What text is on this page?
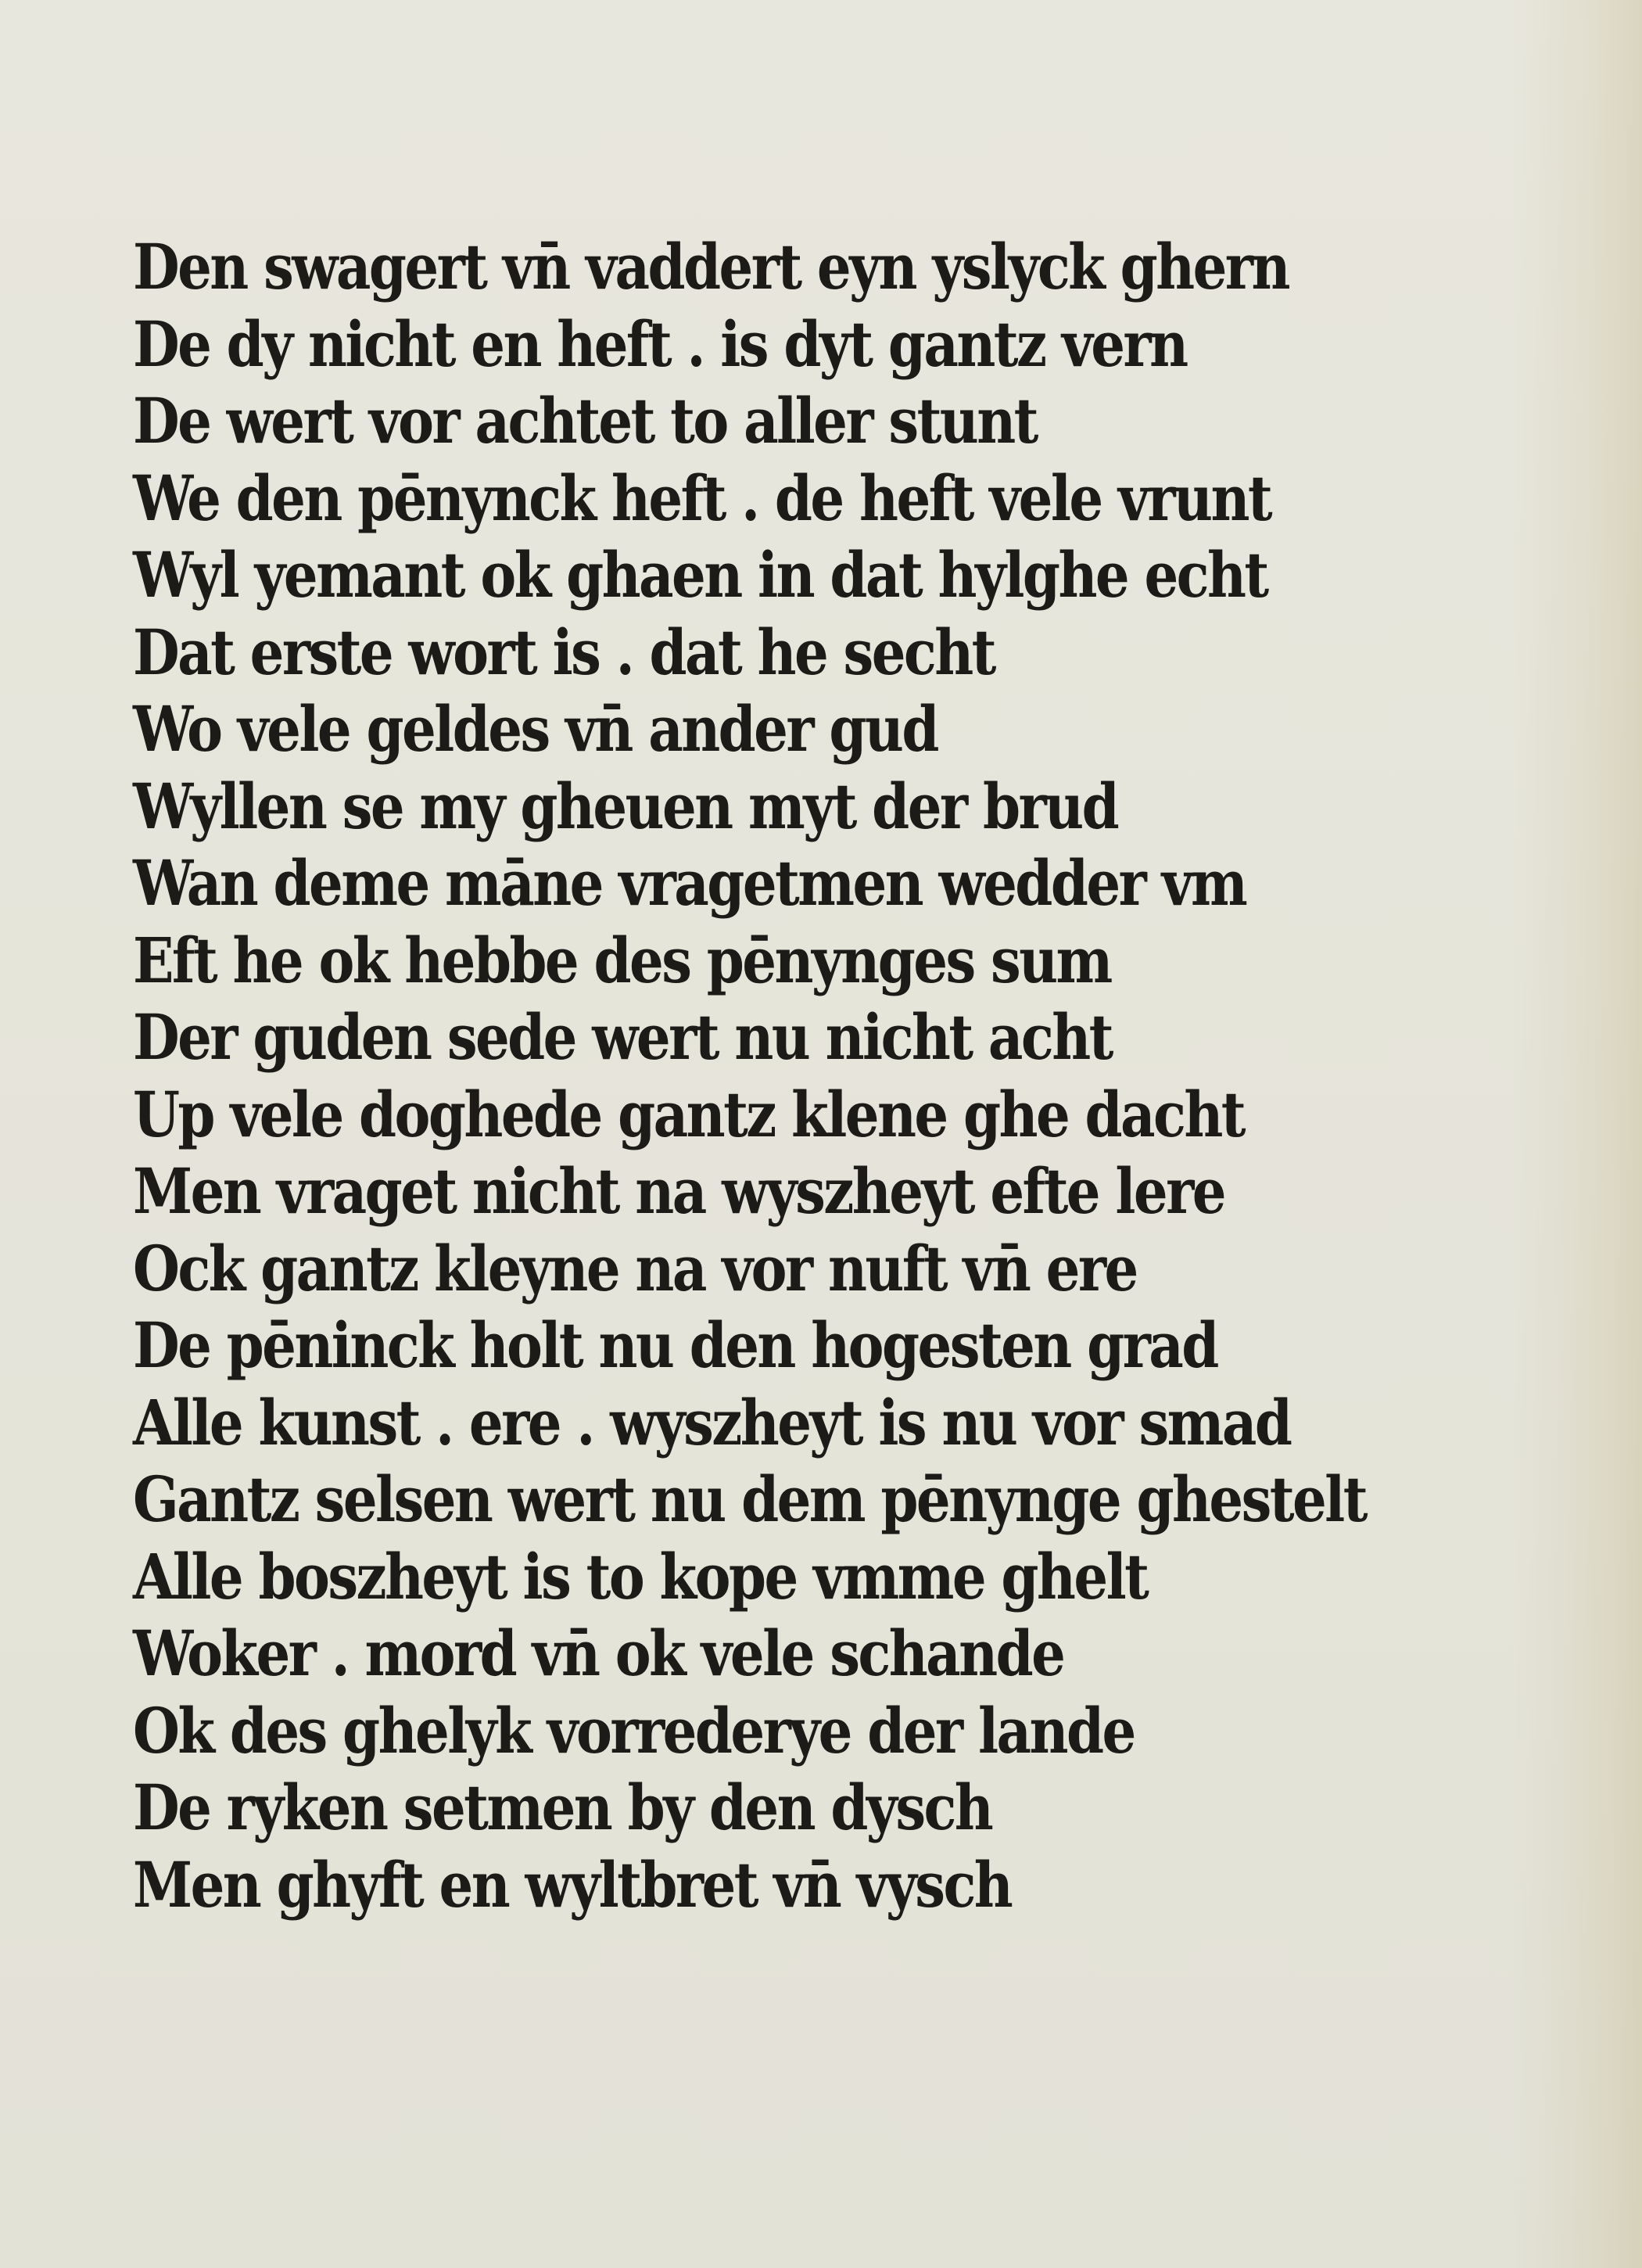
Den swagert vn̄ vaddert eyn yslyck ghern
De dy nicht en heft . is dyt gantz vern
De wert vor achtet to aller stunt
We den pēnynck heft . de heft vele vrunt
Wyl yemant ok ghaen in dat hylghe echt
Dat erste wort is . dat he secht
Wo vele geldes vn̄ ander gud
Wyllen se my gheuen myt der brud
Wan deme māne vragetmen wedder vm
Eft he ok hebbe des pēnynges sum
Der guden sede wert nu nicht acht
Up vele doghede gantz klene ghe dacht
Men vraget nicht na wyszheyt efte lere
Ock gantz kleyne na vor nuft vn̄ ere
De pēninck holt nu den hogesten grad
Alle kunst . ere . wyszheyt is nu vor smad
Gantz selsen wert nu dem pēnynge ghestelt
Alle boszheyt is to kope vmme ghelt
Woker . mord vn̄ ok vele schande
Ok des ghelyk vorrederye der lande
De ryken setmen by den dysch
Men ghyft en wyltbret vn̄ vysch
